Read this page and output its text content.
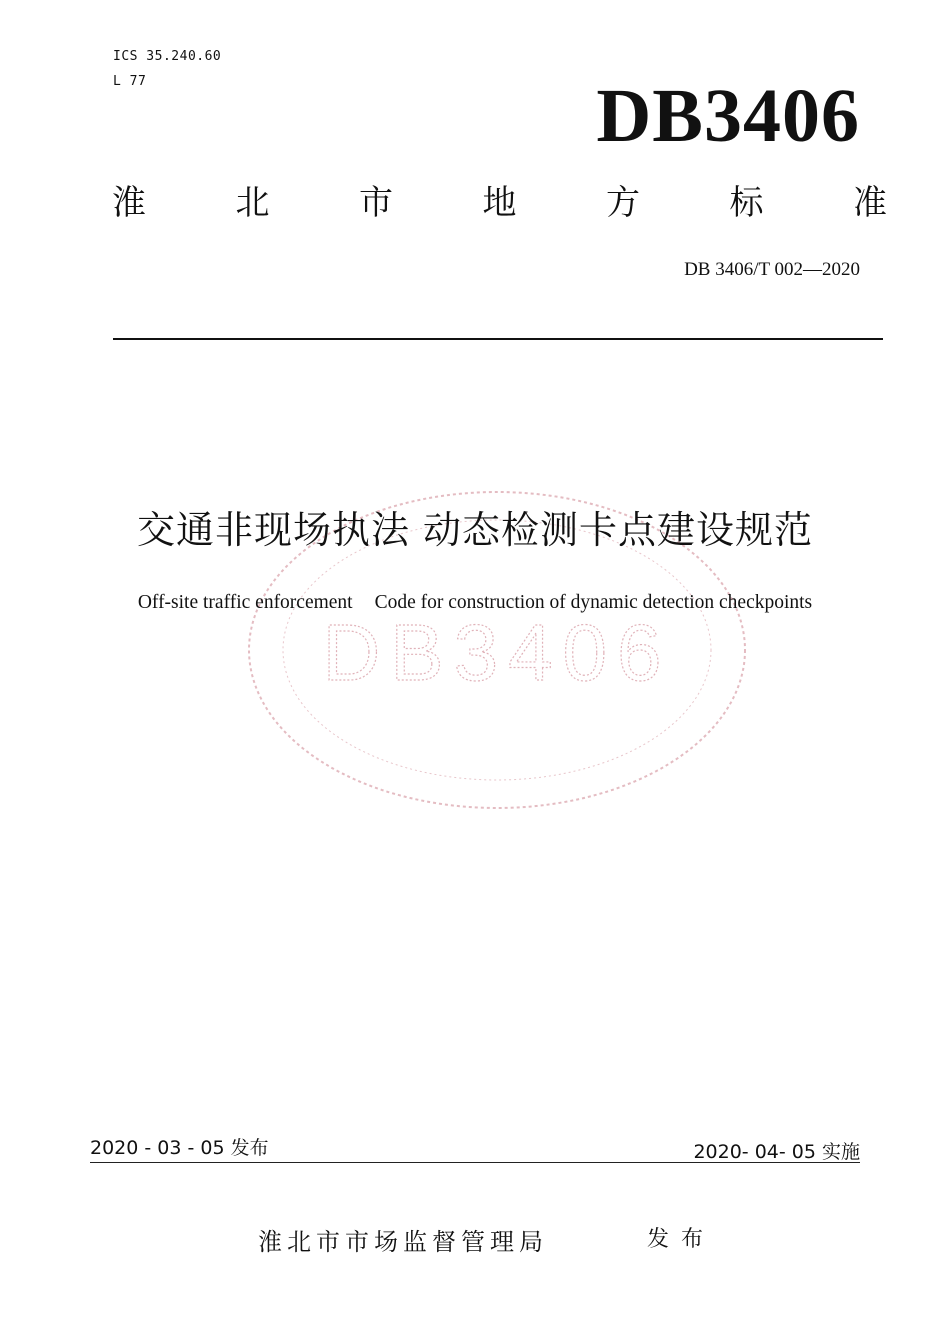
ICS 35.240.60
L 77	DB3406
淮	北	市	地	方	标	准
DB 3406/T 002—2020
DB3406
交通非现场执法 动态检测卡点建设规范
Off-site traffic enforcement Code for construction of dynamic detection checkpoints
2020 - 03 - 05 发布	2020- 04- 05 实施
淮北市市场监督管理局	发布
